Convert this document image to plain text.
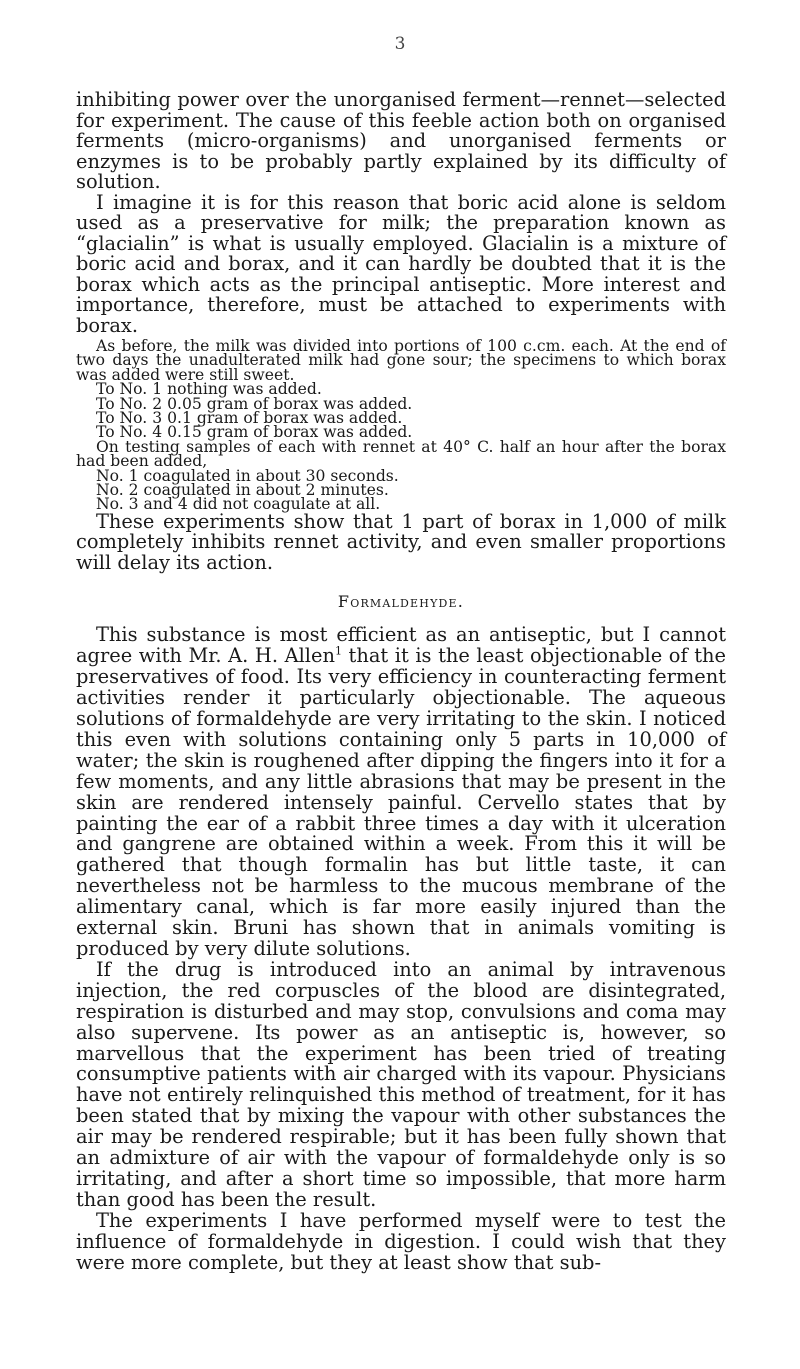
3

inhibiting power over the unorganised ferment—rennet—selected for experiment. The cause of this feeble action both on organised ferments (micro-organisms) and unorganised ferments or enzymes is to be probably partly explained by its difficulty of solution.

I imagine it is for this reason that boric acid alone is seldom used as a preservative for milk; the preparation known as “glacialin” is what is usually employed. Glacialin is a mixture of boric acid and borax, and it can hardly be doubted that it is the borax which acts as the principal antiseptic. More interest and importance, therefore, must be attached to experiments with borax.

As before, the milk was divided into portions of 100 c.cm. each. At the end of two days the unadulterated milk had gone sour; the specimens to which borax was added were still sweet.

To No. 1 nothing was added.

To No. 2 0.05 gram of borax was added.

To No. 3 0.1 gram of borax was added.

To No. 4 0.15 gram of borax was added.

On testing samples of each with rennet at 40° C. half an hour after the borax had been added,

No. 1 coagulated in about 30 seconds.

No. 2 coagulated in about 2 minutes.

No. 3 and 4 did not coagulate at all.

These experiments show that 1 part of borax in 1,000 of milk completely inhibits rennet activity, and even smaller proportions will delay its action.

Formaldehyde.

This substance is most efficient as an antiseptic, but I cannot agree with Mr. A. H. Allen$^1$ that it is the least objectionable of the preservatives of food. Its very efficiency in counteracting ferment activities render it particularly objectionable. The aqueous solutions of formaldehyde are very irritating to the skin. I noticed this even with solutions containing only 5 parts in 10,000 of water; the skin is roughened after dipping the fingers into it for a few moments, and any little abrasions that may be present in the skin are rendered intensely painful. Cervello states that by painting the ear of a rabbit three times a day with it ulceration and gangrene are obtained within a week. From this it will be gathered that though formalin has but little taste, it can nevertheless not be harmless to the mucous membrane of the alimentary canal, which is far more easily injured than the external skin. Bruni has shown that in animals vomiting is produced by very dilute solutions.

If the drug is introduced into an animal by intravenous injection, the red corpuscles of the blood are disintegrated, respiration is disturbed and may stop, convulsions and coma may also supervene. Its power as an antiseptic is, however, so marvellous that the experiment has been tried of treating consumptive patients with air charged with its vapour. Physicians have not entirely relinquished this method of treatment, for it has been stated that by mixing the vapour with other substances the air may be rendered respirable; but it has been fully shown that an admixture of air with the vapour of formaldehyde only is so irritating, and after a short time so impossible, that more harm than good has been the result.

The experiments I have performed myself were to test the influence of formaldehyde in digestion. I could wish that they were more complete, but they at least show that sub-
